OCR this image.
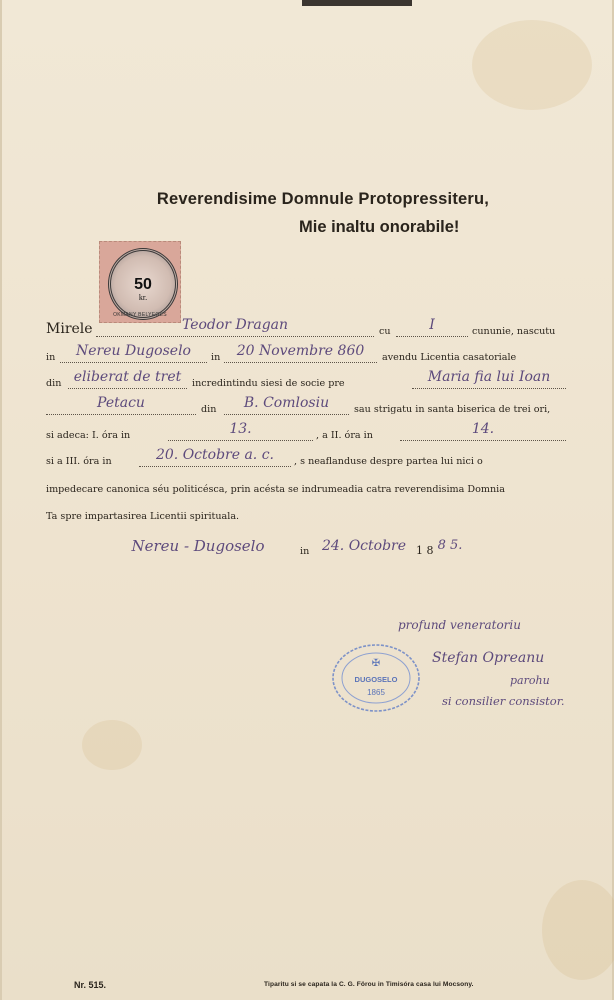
Reverendisime Domnule Protopressiteru,
Mie inaltu onorabile!
50
kr.
OKMANY BELYEGES
Mirele	Teodor Dragan	cu	I	cununie, nascutu
in	Nereu Dugoselo	in	20 Novembre 860	avendu Licentia casatoriale
din eliberat de tret	incredintindu siesi de socie pre	Maria fia lui Ioan
Petacu	din	B. Comlosiu	sau strigatu in santa biserica de trei ori,
si adeca: I. óra in	13.	, a II. óra in	14.
si a III. óra in	20. Octobre a. c.	, s neaflanduse despre partea lui nici o
impedecare canonica séu politicésca, prin acésta se indrumeadia catra reverendisima Domnia
Ta spre impartasirea Licentii spirituala.
Nereu - Dugoselo	in 24. Octobre 1 8 8 5.
profund veneratoriu
✠
DUGOSELO
1865
Stefan Opreanu
parohu
si consilier consistor.
Nr. 515.	Tiparitu si se capata la C. G. Förou in Timisóra casa lui Mocsony.
